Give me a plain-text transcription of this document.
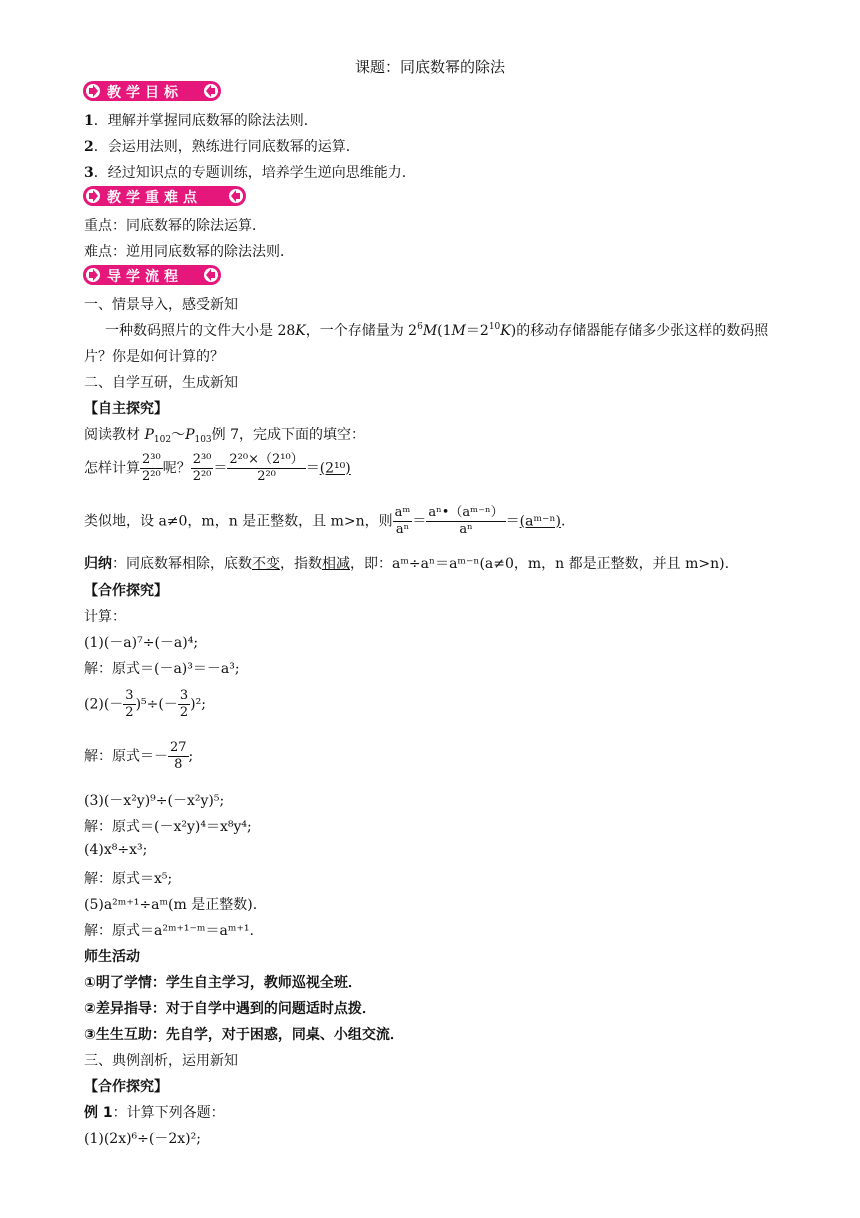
课题：同底数幂的除法
教学目标
1．理解并掌握同底数幂的除法法则．
2．会运用法则，熟练进行同底数幂的运算．
3．经过知识点的专题训练，培养学生逆向思维能力．
教学重难点
重点：同底数幂的除法运算．
难点：逆用同底数幂的除法法则．
导学流程
一、情景导入，感受新知
一种数码照片的文件大小是 28K，一个存储量为 $2^6M(1M=2^{10}K)$的移动存储器能存储多少张这样的数码照
片？你是如何计算的？
二、自学互研，生成新知
【自主探究】
阅读教材 $P_{102}\sim P_{103}$例 7，完成下面的填空：
怎样计算 $\frac{\text{2³⁰}}{\text{2²⁰}}$ 呢？ $\frac{\text{2³⁰}}{\text{2²⁰}} = \frac{\text{2²⁰×（2¹⁰）}}{\text{2²⁰}} =(2^{10})$
类似地，设 a≠0，m，n 是正整数，且 m>n，则 $\frac{\text{aᵐ}}{\text{aⁿ}} = \frac{\text{aⁿ•（aᵐ⁻ⁿ）}}{\text{aⁿ}}$ ＝(aᵐ⁻ⁿ).
归纳：同底数幂相除，底数不变，指数相减，即：aᵐ÷aⁿ＝aᵐ⁻ⁿ(a≠0，m，n 都是正整数，并且 m>n).
【合作探究】
计算：
(1)(－a)⁷÷(－a)⁴;
解：原式＝(－a)³＝－a³;
$(2)(- \frac{3}{2} )^5\div(- \frac{3}{2} )^2$;
解：原式＝－ $\frac{27}{8}$ ;
(3)(－x²y)⁹÷(－x²y)⁵;
解：原式＝(－x²y)⁴＝x⁸y⁴;
(4)x⁸÷x³;
解：原式＝x⁵;
(5)a²ᵐ⁺¹÷aᵐ(m 是正整数).
解：原式＝a²ᵐ⁺¹⁻ᵐ＝aᵐ⁺¹.
师生活动
①明了学情：学生自主学习，教师巡视全班．
②差异指导：对于自学中遇到的问题适时点拨．
③生生互助：先自学，对于困惑，同桌、小组交流．
三、典例剖析，运用新知
【合作探究】
例 1：计算下列各题：
(1)(2x)⁶÷(－2x)²;
